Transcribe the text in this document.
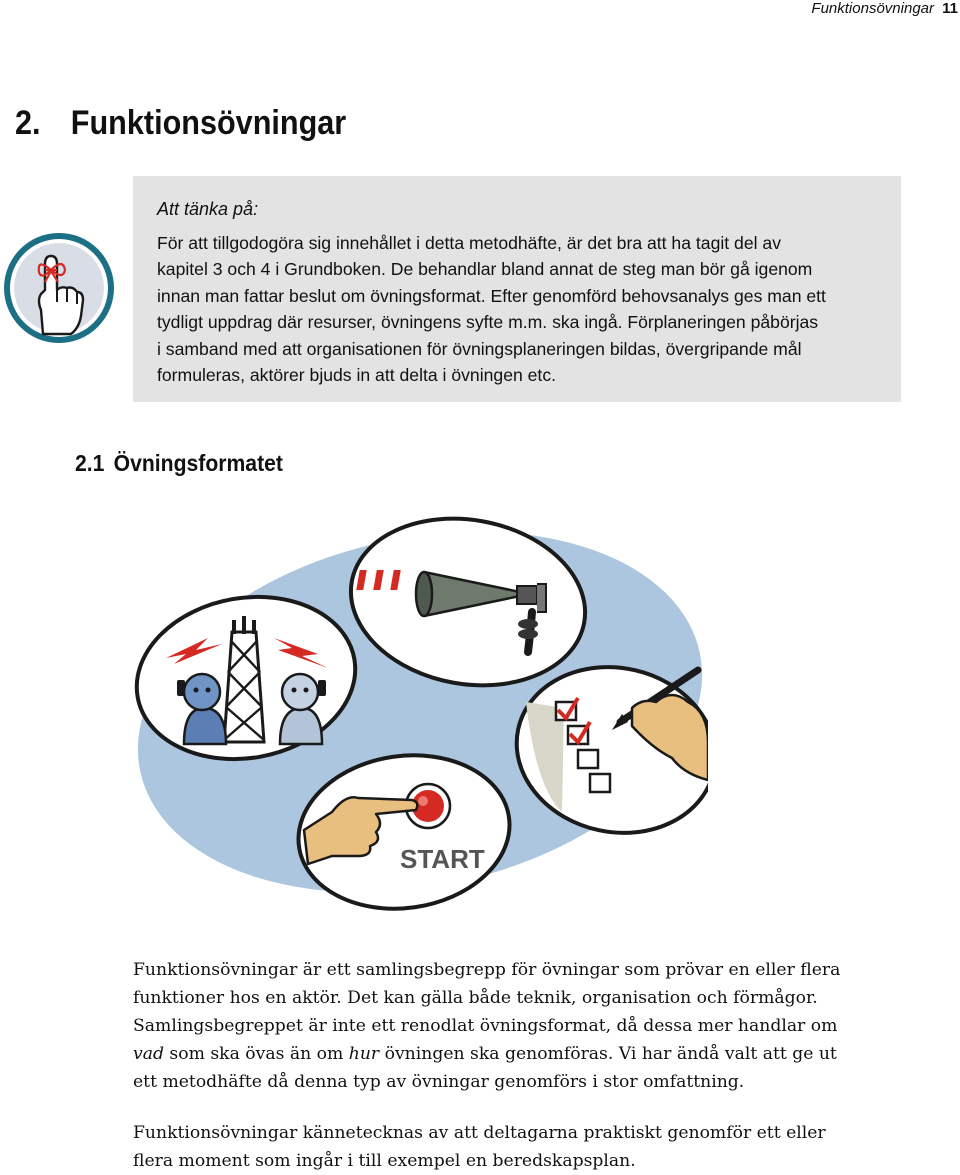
Funktionsövningar 11
2. Funktionsövningar
Att tänka på:
För att tillgodogöra sig innehållet i detta metodhäfte, är det bra att ha tagit del av
kapitel 3 och 4 i Grundboken. De behandlar bland annat de steg man bör gå igenom
innan man fattar beslut om övningsformat. Efter genomförd behovsanalys ges man ett
tydligt uppdrag där resurser, övningens syfte m.m. ska ingå. Förplaneringen påbörjas
i samband med att organisationen för övningsplaneringen bildas, övergripande mål
formuleras, aktörer bjuds in att delta i övningen etc.
2.1 Övningsformatet
START
Funktionsövningar är ett samlingsbegrepp för övningar som prövar en eller flera
funktioner hos en aktör. Det kan gälla både teknik, organisation och förmågor.
Samlingsbegreppet är inte ett renodlat övningsformat, då dessa mer handlar om
vad som ska övas än om hur övningen ska genomföras. Vi har ändå valt att ge ut
ett metodhäfte då denna typ av övningar genomförs i stor omfattning.
Funktionsövningar kännetecknas av att deltagarna praktiskt genomför ett eller
flera moment som ingår i till exempel en beredskapsplan.
